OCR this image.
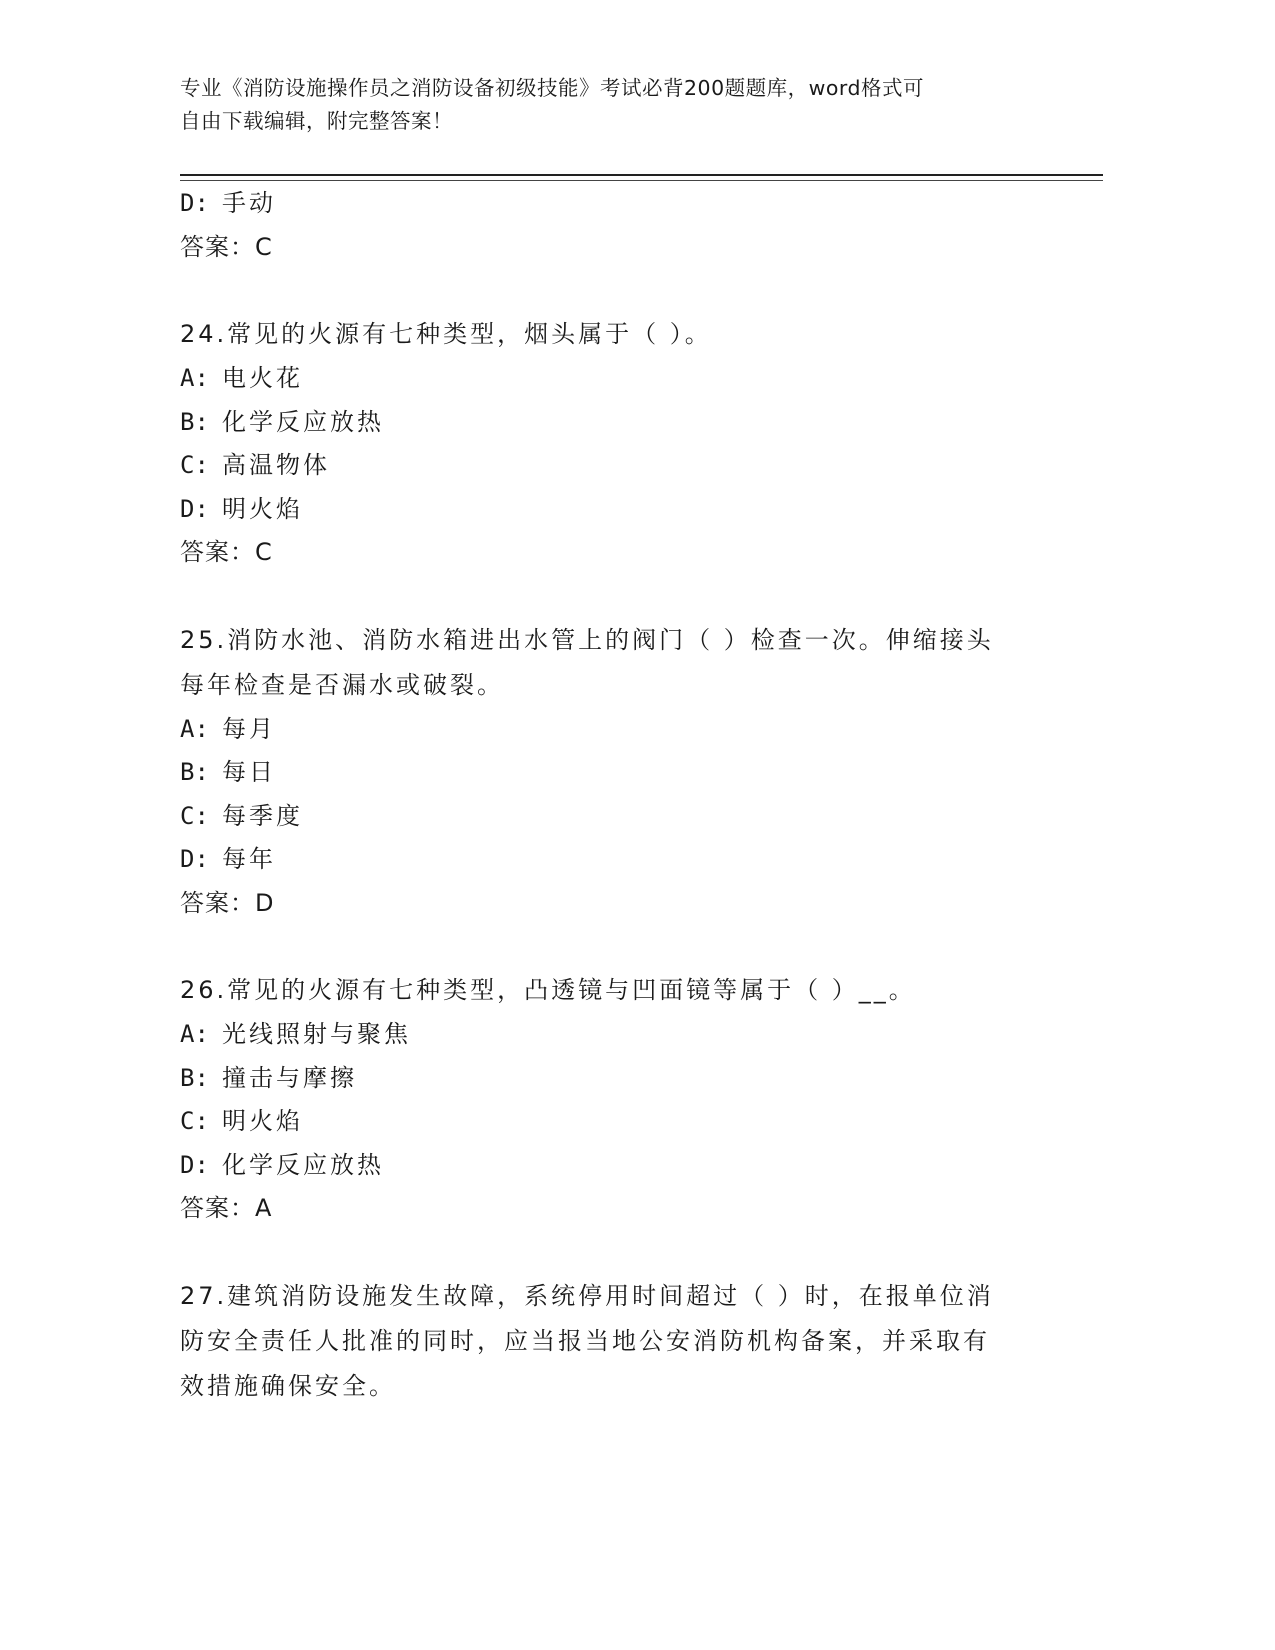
专业《消防设施操作员之消防设备初级技能》考试必背200题题库，word格式可
自由下载编辑，附完整答案！
D: 手动
答案：C
24.常见的火源有七种类型，烟头属于（ ）。
A: 电火花
B: 化学反应放热
C: 高温物体
D: 明火焰
答案：C
25.消防水池、消防水箱进出水管上的阀门（ ）检查一次。伸缩接头
每年检查是否漏水或破裂。
A: 每月
B: 每日
C: 每季度
D: 每年
答案：D
26.常见的火源有七种类型，凸透镜与凹面镜等属于（ ）__。
A: 光线照射与聚焦
B: 撞击与摩擦
C: 明火焰
D: 化学反应放热
答案：A
27.建筑消防设施发生故障，系统停用时间超过（ ）时，在报单位消
防安全责任人批准的同时，应当报当地公安消防机构备案，并采取有
效措施确保安全。
